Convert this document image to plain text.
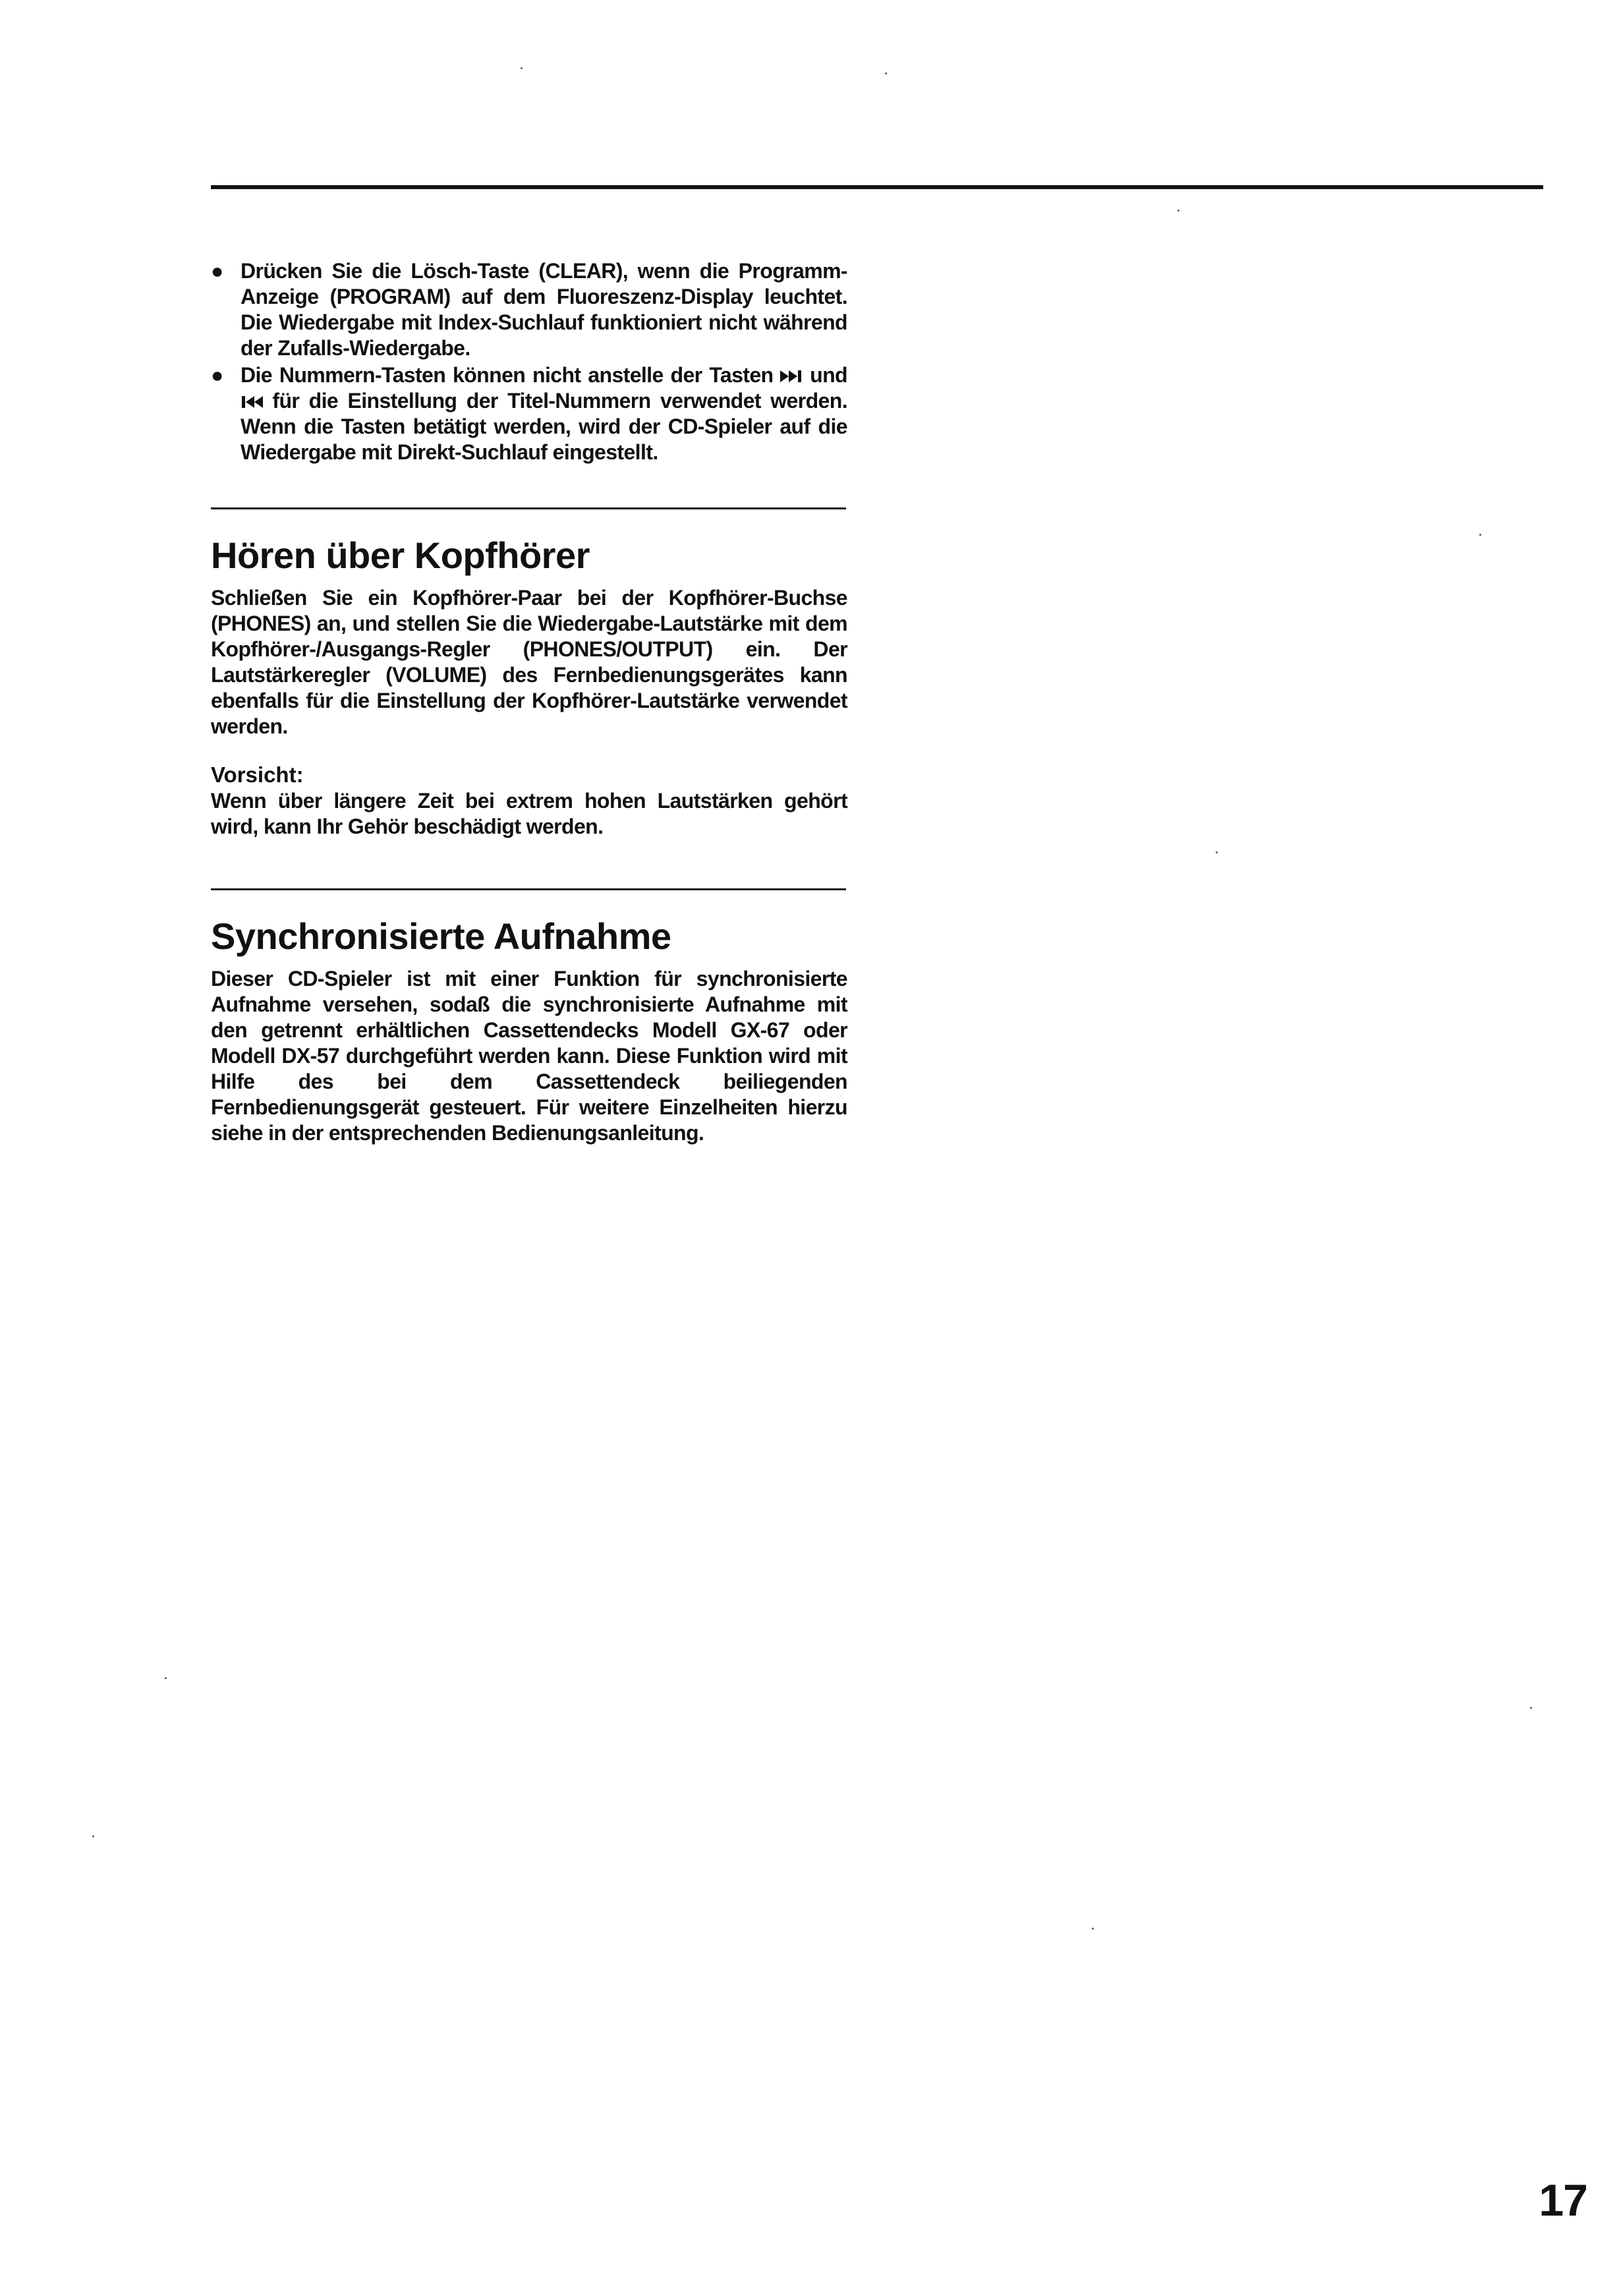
● Drücken Sie die Lösch-Taste (CLEAR), wenn die Programm-Anzeige (PROGRAM) auf dem Fluoreszenz-Display leuchtet. Die Wiedergabe mit Index-Suchlauf funktioniert nicht während der Zufalls-Wiedergabe.
● Die Nummern-Tasten können nicht anstelle der Tasten und  für die Einstellung der Titel-Nummern verwendet werden. Wenn die Tasten betätigt werden, wird der CD-Spieler auf die Wiedergabe mit Direkt-Suchlauf eingestellt.
Hören über Kopfhörer

Schließen Sie ein Kopfhörer-Paar bei der Kopfhörer-Buchse (PHONES) an, und stellen Sie die Wiedergabe-Lautstärke mit dem Kopfhörer-/Ausgangs-Regler (PHONES/OUTPUT) ein. Der Lautstärkeregler (VOLUME) des Fernbedienungsgerätes kann ebenfalls für die Einstellung der Kopfhörer-Lautstärke verwendet werden.

Vorsicht:

Wenn über längere Zeit bei extrem hohen Lautstärken gehört wird, kann Ihr Gehör beschädigt werden.

Synchronisierte Aufnahme

Dieser CD-Spieler ist mit einer Funktion für synchronisierte Aufnahme versehen, sodaß die synchronisierte Aufnahme mit den getrennt erhältlichen Cassettendecks Modell GX-67 oder Modell DX-57 durchgeführt werden kann. Diese Funktion wird mit Hilfe des bei dem Cassettendeck beiliegenden Fernbedienungsgerät gesteuert. Für weitere Einzelheiten hierzu siehe in der entsprechenden Bedienungsanleitung.

17
